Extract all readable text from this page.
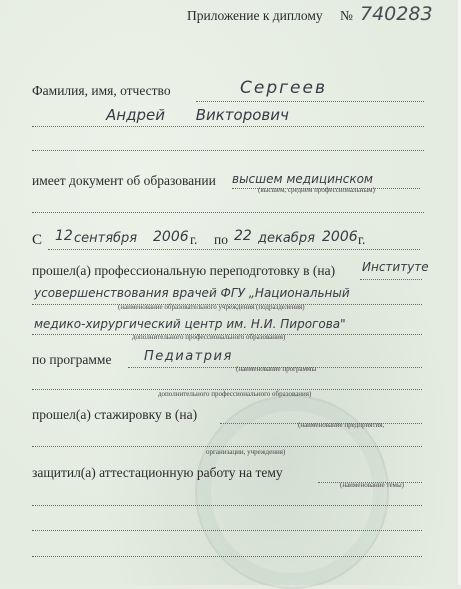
Приложение к диплому № 740283
Фамилия, имя, отчество	Сергеев
Андрей Викторович
имеет документ об образовании высшем медицинском
(высшем, среднем профессиональным)
С 12 сентября 2006 г. по 22 декабря 2006 г.
прошел(а) профессиональную переподготовку в (на) Институте
усовершенствования врачей ФГУ „Национальный
(наименование образовательного учреждения (подразделения)
медико-хирургический центр им. Н.И. Пирогова"
дополнительного профессионального образования)
по программе	Педиатрия
(наименование программы
дополнительного профессионального образования)
прошел(а) стажировку в (на)
(наименование предприятия,
организации, учреждения)
защитил(а) аттестационную работу на тему
(наименование темы)
